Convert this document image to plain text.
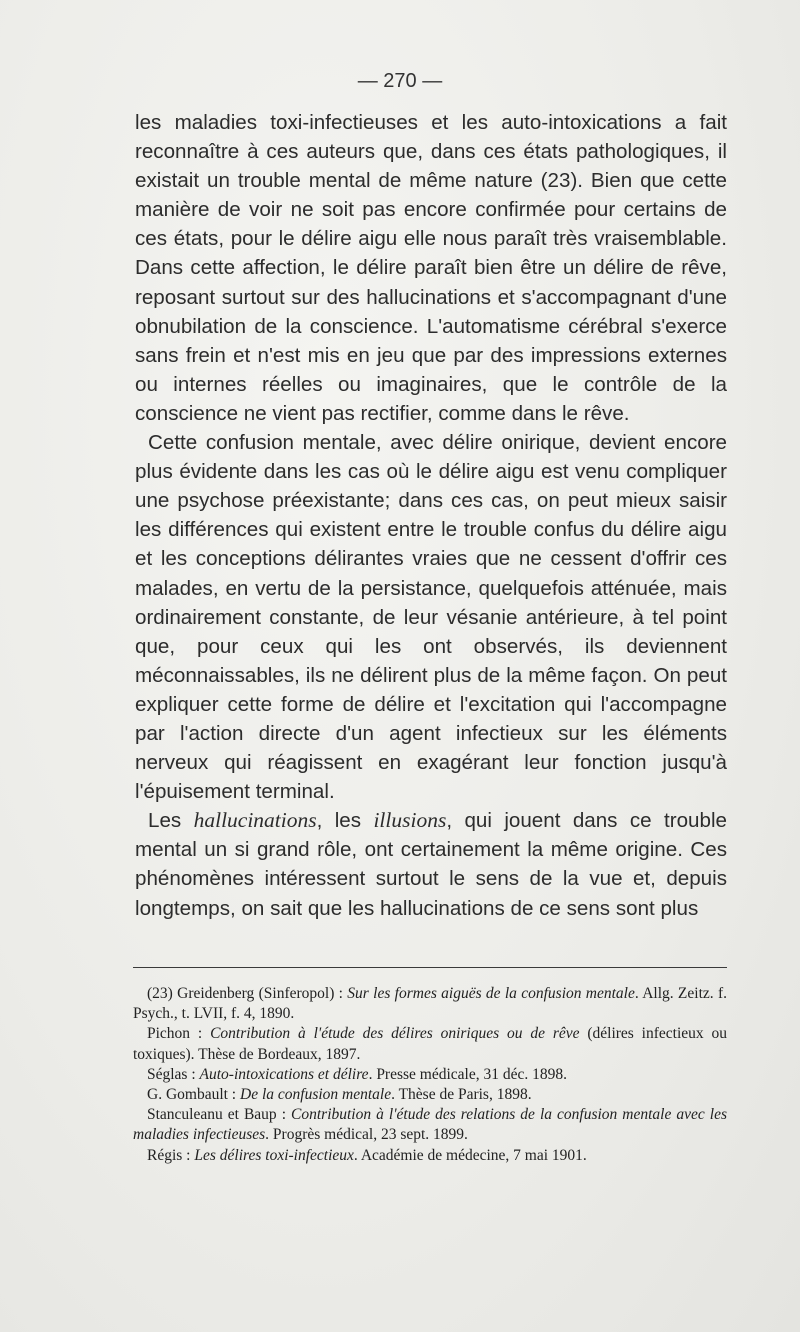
— 270 —

les maladies toxi-infectieuses et les auto-intoxications a fait reconnaître à ces auteurs que, dans ces états pathologiques, il existait un trouble mental de même nature (23). Bien que cette manière de voir ne soit pas encore confirmée pour certains de ces états, pour le délire aigu elle nous paraît très vraisemblable. Dans cette affection, le délire paraît bien être un délire de rêve, reposant surtout sur des hallucinations et s'accompagnant d'une obnubilation de la conscience. L'automatisme cérébral s'exerce sans frein et n'est mis en jeu que par des impressions externes ou internes réelles ou imaginaires, que le contrôle de la conscience ne vient pas rectifier, comme dans le rêve.

Cette confusion mentale, avec délire onirique, devient encore plus évidente dans les cas où le délire aigu est venu compliquer une psychose préexistante; dans ces cas, on peut mieux saisir les différences qui existent entre le trouble confus du délire aigu et les conceptions délirantes vraies que ne cessent d'offrir ces malades, en vertu de la persistance, quelquefois atténuée, mais ordinairement constante, de leur vésanie antérieure, à tel point que, pour ceux qui les ont observés, ils deviennent méconnaissables, ils ne délirent plus de la même façon. On peut expliquer cette forme de délire et l'excitation qui l'accompagne par l'action directe d'un agent infectieux sur les éléments nerveux qui réagissent en exagérant leur fonction jusqu'à l'épuisement terminal.

Les hallucinations, les illusions, qui jouent dans ce trouble mental un si grand rôle, ont certainement la même origine. Ces phénomènes intéressent surtout le sens de la vue et, depuis longtemps, on sait que les hallucinations de ce sens sont plus

(23) Greidenberg (Sinferopol) : Sur les formes aiguës de la confusion mentale. Allg. Zeitz. f. Psych., t. LVII, f. 4, 1890.

Pichon : Contribution à l'étude des délires oniriques ou de rêve (délires infectieux ou toxiques). Thèse de Bordeaux, 1897.

Séglas : Auto-intoxications et délire. Presse médicale, 31 déc. 1898.

G. Gombault : De la confusion mentale. Thèse de Paris, 1898.

Stanculeanu et Baup : Contribution à l'étude des relations de la confusion mentale avec les maladies infectieuses. Progrès médical, 23 sept. 1899.

Régis : Les délires toxi-infectieux. Académie de médecine, 7 mai 1901.
